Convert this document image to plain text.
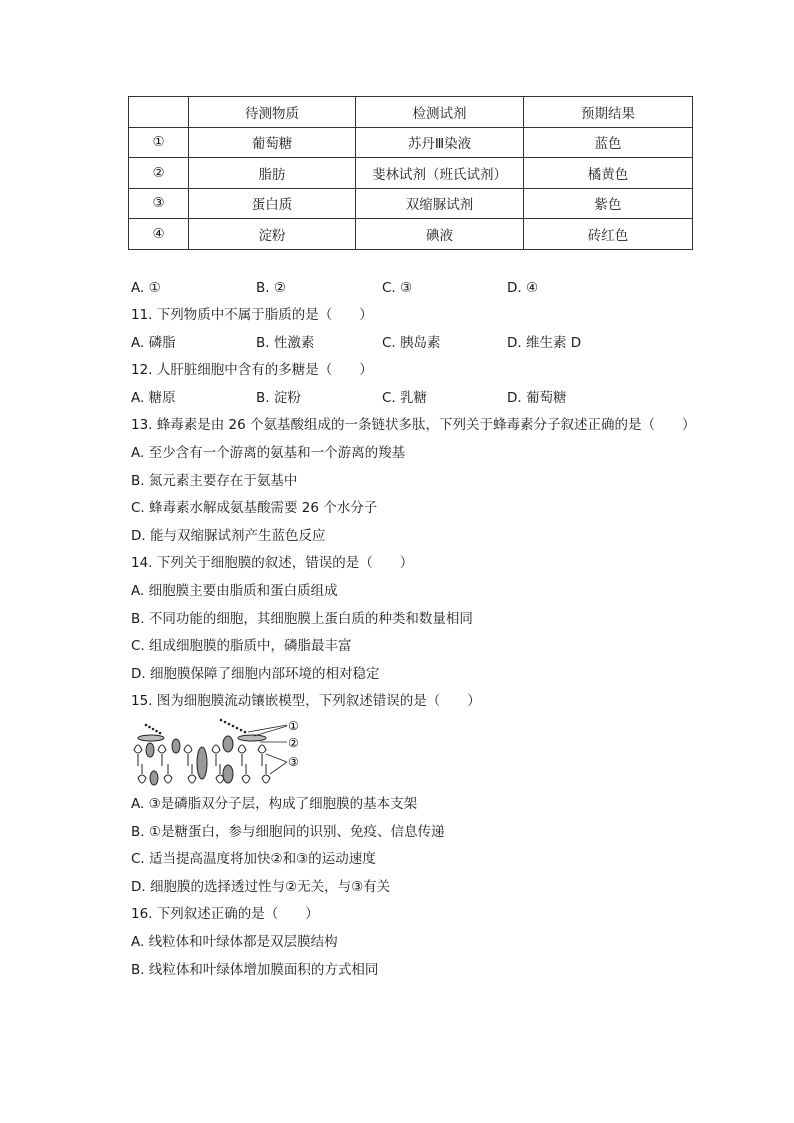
	待测物质	检测试剂	预期结果
①	葡萄糖	苏丹Ⅲ染液	蓝色
②	脂肪	斐林试剂（班氏试剂）	橘黄色
③	蛋白质	双缩脲试剂	紫色
④	淀粉	碘液	砖红色
A. ①	B. ②	C. ③	D. ④
11. 下列物质中不属于脂质的是（　　）
A. 磷脂	B. 性激素	C. 胰岛素	D. 维生素 D
12. 人肝脏细胞中含有的多糖是（　　）
A. 糖原	B. 淀粉	C. 乳糖	D. 葡萄糖
13. 蜂毒素是由 26 个氨基酸组成的一条链状多肽，下列关于蜂毒素分子叙述正确的是（　　）
A. 至少含有一个游离的氨基和一个游离的羧基
B. 氮元素主要存在于氨基中
C. 蜂毒素水解成氨基酸需要 26 个水分子
D. 能与双缩脲试剂产生蓝色反应
14. 下列关于细胞膜的叙述，错误的是（　　）
A. 细胞膜主要由脂质和蛋白质组成
B. 不同功能的细胞，其细胞膜上蛋白质的种类和数量相同
C. 组成细胞膜的脂质中，磷脂最丰富
D. 细胞膜保障了细胞内部环境的相对稳定
15. 图为细胞膜流动镶嵌模型，下列叙述错误的是（　　）
①
②
③
A. ③是磷脂双分子层，构成了细胞膜的基本支架
B. ①是糖蛋白，参与细胞间的识别、免疫、信息传递
C. 适当提高温度将加快②和③的运动速度
D. 细胞膜的选择透过性与②无关，与③有关
16. 下列叙述正确的是（　　）
A. 线粒体和叶绿体都是双层膜结构
B. 线粒体和叶绿体增加膜面积的方式相同
